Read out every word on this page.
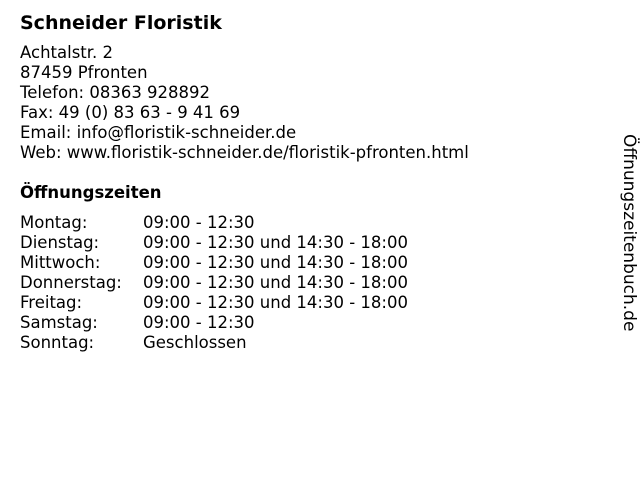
Schneider Floristik
Achtalstr. 2
87459 Pfronten
Telefon: 08363 928892
Fax: 49 (0) 83 63 - 9 41 69
Email: info@floristik-schneider.de
Web: www.floristik-schneider.de/floristik-pfronten.html
Öffnungszeiten
Montag:	09:00 - 12:30
Dienstag:	09:00 - 12:30 und 14:30 - 18:00
Mittwoch:	09:00 - 12:30 und 14:30 - 18:00
Donnerstag: 09:00 - 12:30 und 14:30 - 18:00
Freitag:	09:00 - 12:30 und 14:30 - 18:00
Samstag:	09:00 - 12:30
Sonntag:	Geschlossen
Öffnungszeitenbuch.de
